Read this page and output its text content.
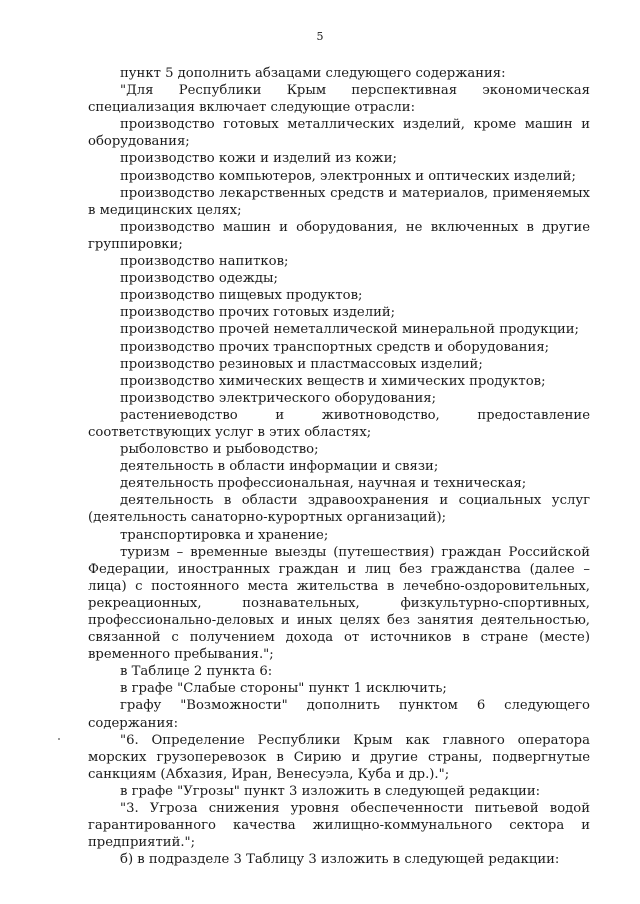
5

пункт 5 дополнить абзацами следующего содержания:

"Для Республики Крым перспективная экономическая специализация включает следующие отрасли:

производство готовых металлических изделий, кроме машин и оборудования;

производство кожи и изделий из кожи;

производство компьютеров, электронных и оптических изделий;

производство лекарственных средств и материалов, применяемых в медицинских целях;

производство машин и оборудования, не включенных в другие группировки;

производство напитков;

производство одежды;

производство пищевых продуктов;

производство прочих готовых изделий;

производство прочей неметаллической минеральной продукции;

производство прочих транспортных средств и оборудования;

производство резиновых и пластмассовых изделий;

производство химических веществ и химических продуктов;

производство электрического оборудования;

растениеводство и животноводство, предоставление соответствующих услуг в этих областях;

рыболовство и рыбоводство;

деятельность в области информации и связи;

деятельность профессиональная, научная и техническая;

деятельность в области здравоохранения и социальных услуг (деятельность санаторно-курортных организаций);

транспортировка и хранение;

туризм – временные выезды (путешествия) граждан Российской Федерации, иностранных граждан и лиц без гражданства (далее – лица) с постоянного места жительства в лечебно-оздоровительных, рекреационных, познавательных, физкультурно-спортивных, профессионально-деловых и иных целях без занятия деятельностью, связанной с получением дохода от источников в стране (месте) временного пребывания.";

в Таблице 2 пункта 6:

в графе "Слабые стороны" пункт 1 исключить;

графу "Возможности" дополнить пунктом 6 следующего содержания:

"6. Определение Республики Крым как главного оператора морских грузоперевозок в Сирию и другие страны, подвергнутые санкциям (Абхазия, Иран, Венесуэла, Куба и др.).";

в графе "Угрозы" пункт 3 изложить в следующей редакции:

"3. Угроза снижения уровня обеспеченности питьевой водой гарантированного качества жилищно-коммунального сектора и предприятий.";

б) в подразделе 3 Таблицу 3 изложить в следующей редакции:
